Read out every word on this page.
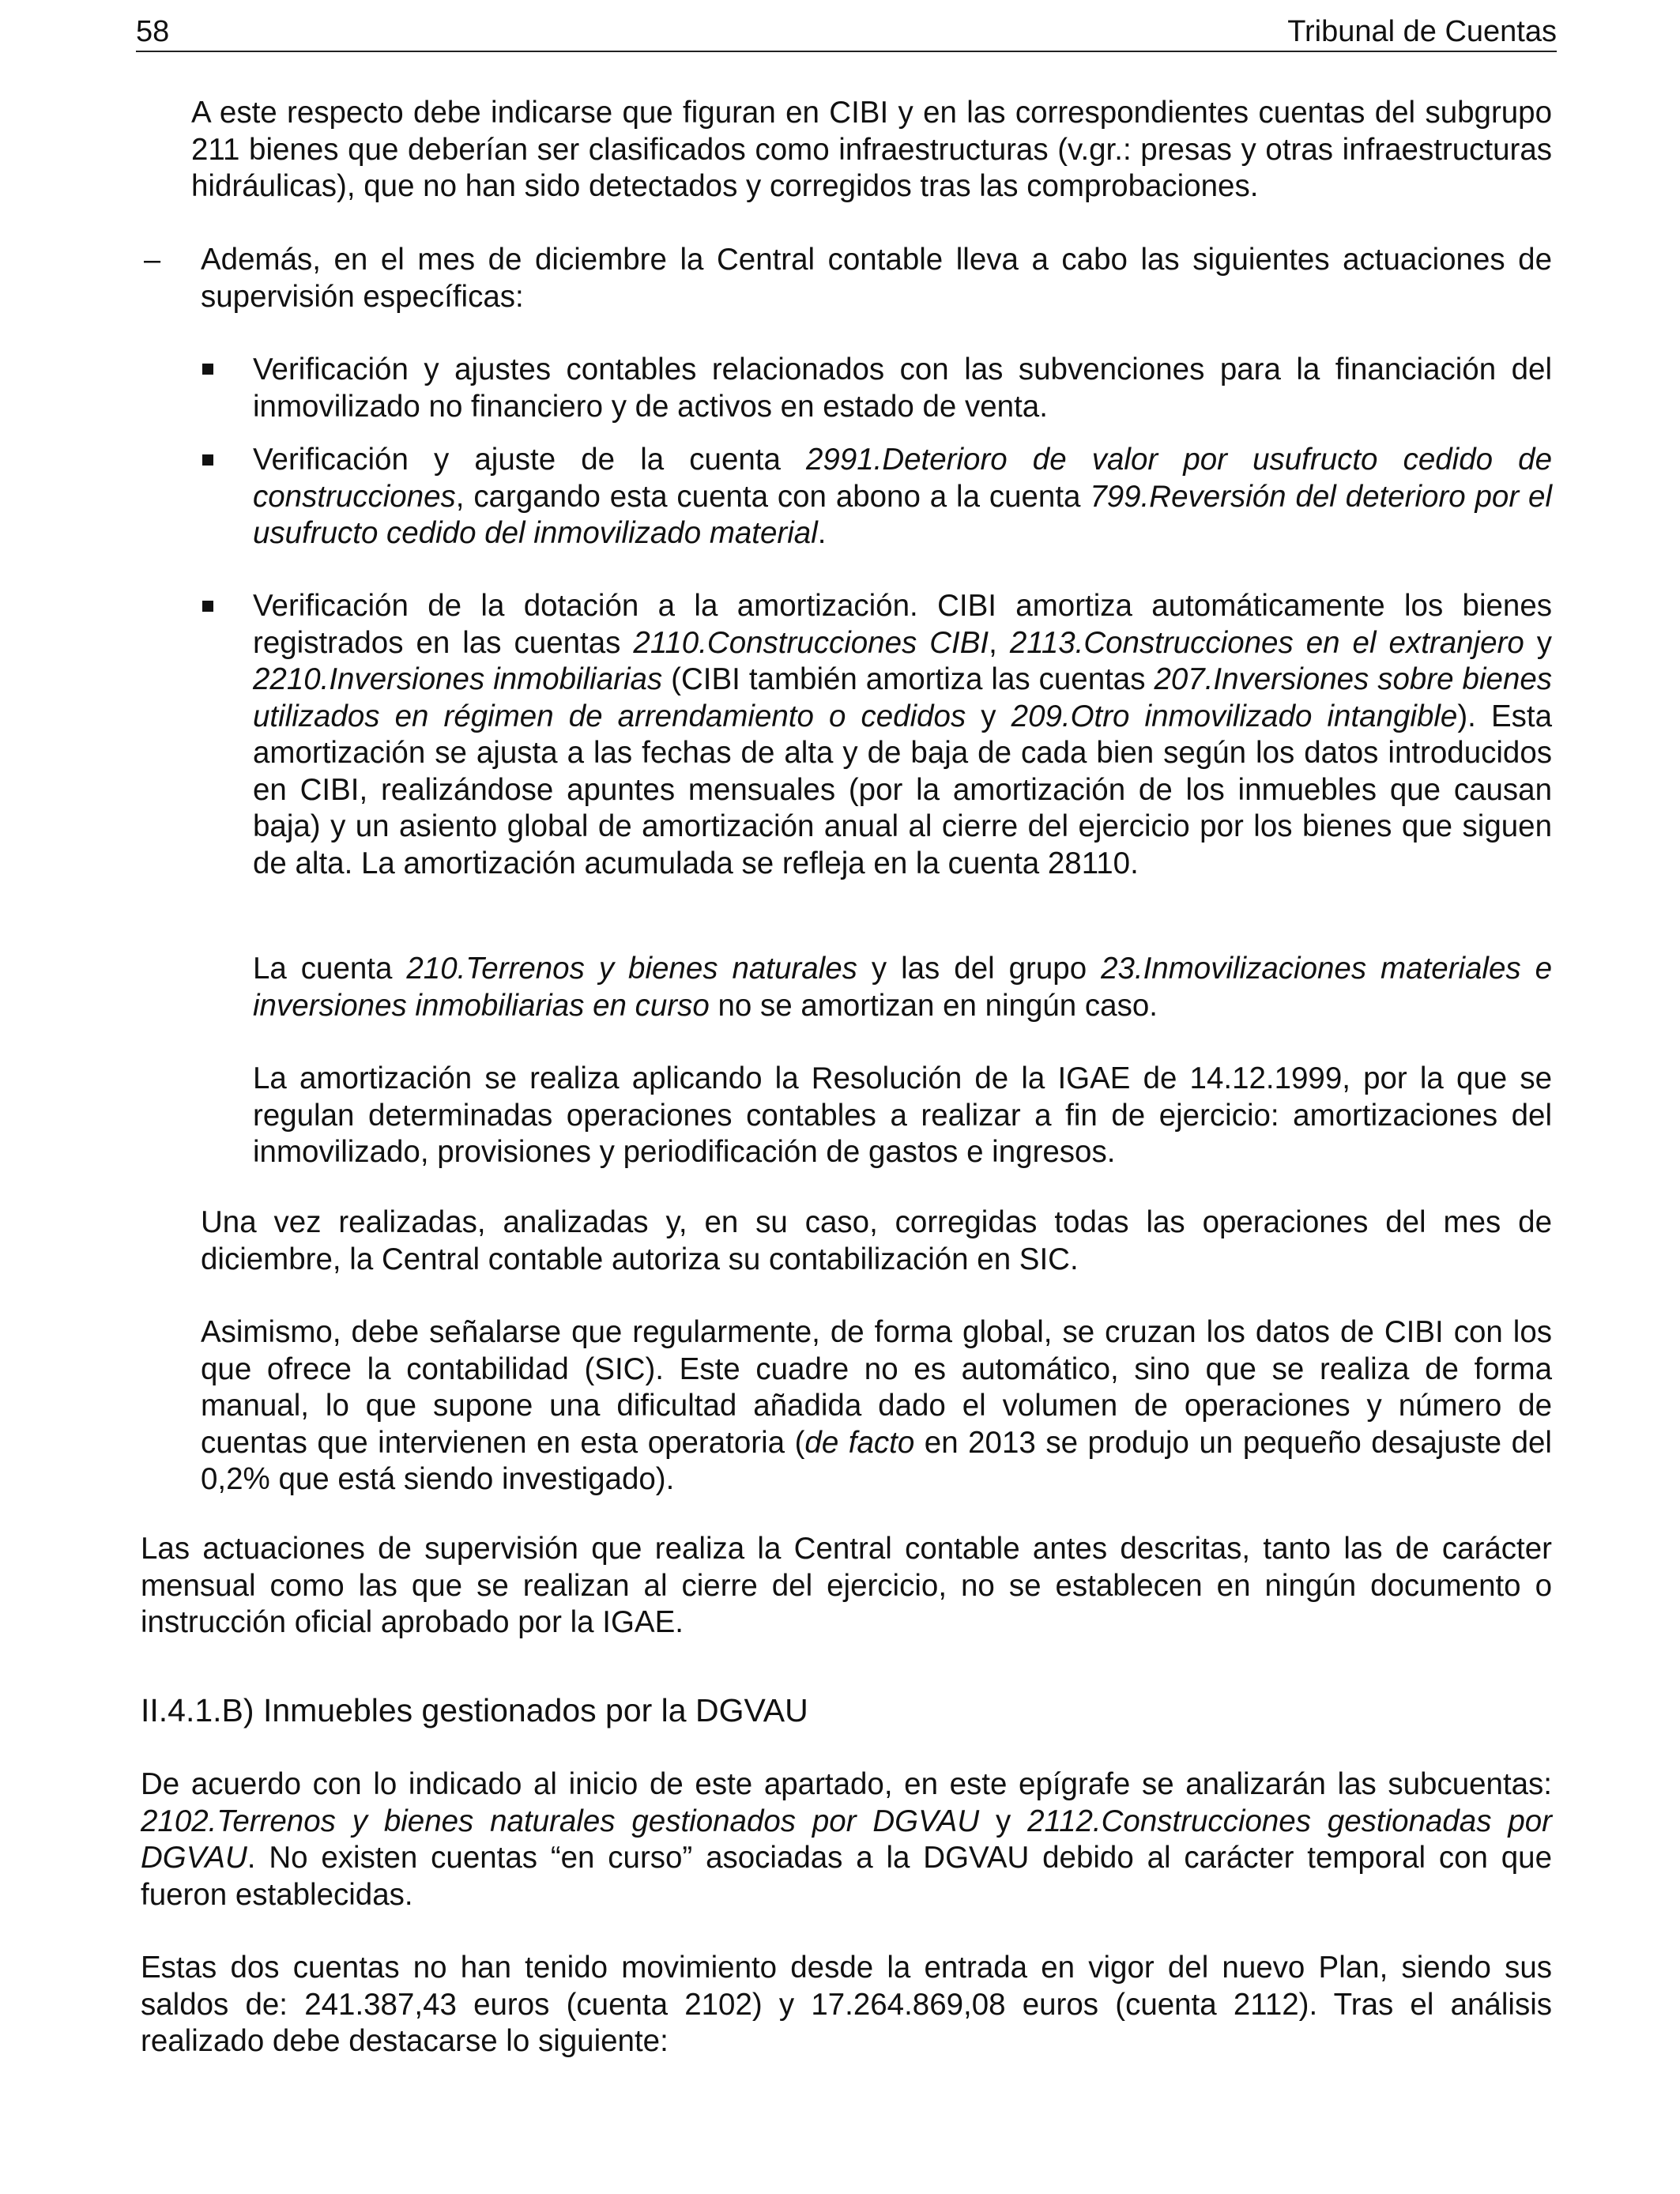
58	Tribunal de Cuentas

A este respecto debe indicarse que figuran en CIBI y en las correspondientes cuentas del subgrupo 211 bienes que deberían ser clasificados como infraestructuras (v.gr.: presas y otras infraestructuras hidráulicas), que no han sido detectados y corregidos tras las comprobaciones.

– Además, en el mes de diciembre la Central contable lleva a cabo las siguientes actuaciones de supervisión específicas:

Verificación y ajustes contables relacionados con las subvenciones para la financiación del inmovilizado no financiero y de activos en estado de venta.

Verificación y ajuste de la cuenta 2991.Deterioro de valor por usufructo cedido de construcciones, cargando esta cuenta con abono a la cuenta 799.Reversión del deterioro por el usufructo cedido del inmovilizado material.

Verificación de la dotación a la amortización. CIBI amortiza automáticamente los bienes registrados en las cuentas 2110.Construcciones CIBI, 2113.Construcciones en el extranjero y 2210.Inversiones inmobiliarias (CIBI también amortiza las cuentas 207.Inversiones sobre bienes utilizados en régimen de arrendamiento o cedidos y 209.Otro inmovilizado intangible). Esta amortización se ajusta a las fechas de alta y de baja de cada bien según los datos introducidos en CIBI, realizándose apuntes mensuales (por la amortización de los inmuebles que causan baja) y un asiento global de amortización anual al cierre del ejercicio por los bienes que siguen de alta. La amortización acumulada se refleja en la cuenta 28110.

La cuenta 210.Terrenos y bienes naturales y las del grupo 23.Inmovilizaciones materiales e inversiones inmobiliarias en curso no se amortizan en ningún caso.

La amortización se realiza aplicando la Resolución de la IGAE de 14.12.1999, por la que se regulan determinadas operaciones contables a realizar a fin de ejercicio: amortizaciones del inmovilizado, provisiones y periodificación de gastos e ingresos.

Una vez realizadas, analizadas y, en su caso, corregidas todas las operaciones del mes de diciembre, la Central contable autoriza su contabilización en SIC.

Asimismo, debe señalarse que regularmente, de forma global, se cruzan los datos de CIBI con los que ofrece la contabilidad (SIC). Este cuadre no es automático, sino que se realiza de forma manual, lo que supone una dificultad añadida dado el volumen de operaciones y número de cuentas que intervienen en esta operatoria (de facto en 2013 se produjo un pequeño desajuste del 0,2% que está siendo investigado).

Las actuaciones de supervisión que realiza la Central contable antes descritas, tanto las de carácter mensual como las que se realizan al cierre del ejercicio, no se establecen en ningún documento o instrucción oficial aprobado por la IGAE.

II.4.1.B) Inmuebles gestionados por la DGVAU

De acuerdo con lo indicado al inicio de este apartado, en este epígrafe se analizarán las subcuentas: 2102.Terrenos y bienes naturales gestionados por DGVAU y 2112.Construcciones gestionadas por DGVAU. No existen cuentas “en curso” asociadas a la DGVAU debido al carácter temporal con que fueron establecidas.

Estas dos cuentas no han tenido movimiento desde la entrada en vigor del nuevo Plan, siendo sus saldos de: 241.387,43 euros (cuenta 2102) y 17.264.869,08 euros (cuenta 2112). Tras el análisis realizado debe destacarse lo siguiente:
